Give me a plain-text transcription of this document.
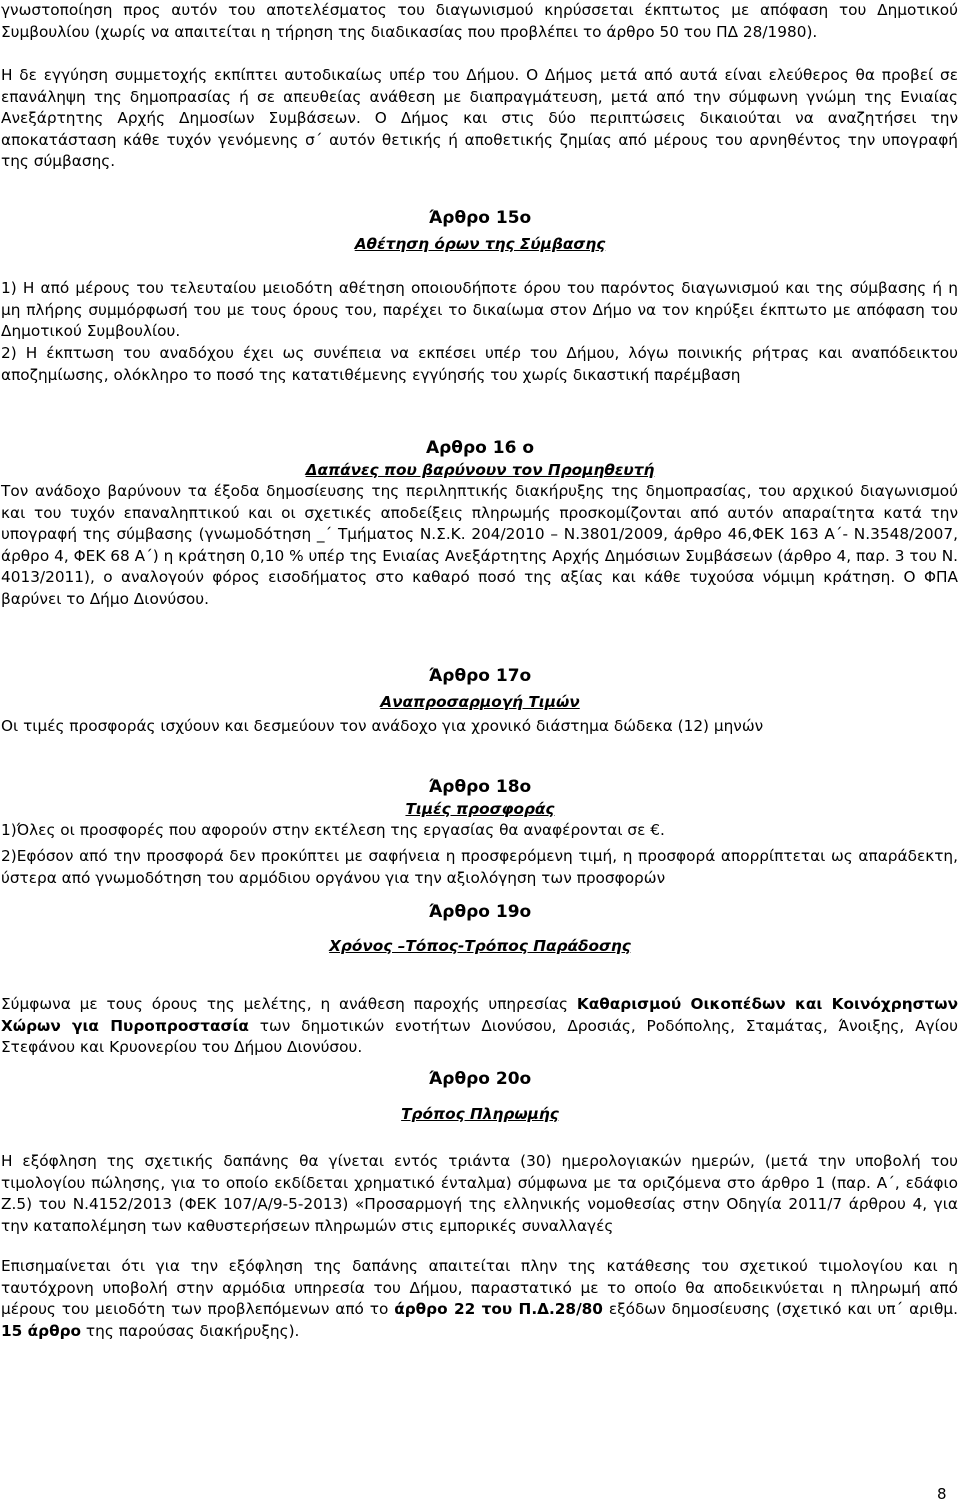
γνωστοποίηση προς αυτόν του αποτελέσματος του διαγωνισμού κηρύσσεται έκπτωτος με απόφαση του Δημοτικού Συμβουλίου (χωρίς να απαιτείται η τήρηση της διαδικασίας που προβλέπει το άρθρο 50 του ΠΔ 28/1980).

Η δε εγγύηση συμμετοχής εκπίπτει αυτοδικαίως υπέρ του Δήμου. Ο Δήμος μετά από αυτά είναι ελεύθερος θα προβεί σε επανάληψη της δημοπρασίας ή σε απευθείας ανάθεση με διαπραγμάτευση, μετά από την σύμφωνη γνώμη της Ενιαίας Ανεξάρτητης Αρχής Δημοσίων Συμβάσεων. Ο Δήμος και στις δύο περιπτώσεις δικαιούται να αναζητήσει την αποκατάσταση κάθε τυχόν γενόμενης σ΄ αυτόν θετικής ή αποθετικής ζημίας από μέρους του αρνηθέντος την υπογραφή της σύμβασης.

Άρθρο 15ο
Αθέτηση όρων της Σύμβασης

1) Η από μέρους του τελευταίου μειοδότη αθέτηση οποιουδήποτε όρου του παρόντος διαγωνισμού και της σύμβασης ή η μη πλήρης συμμόρφωσή του με τους όρους του, παρέχει το δικαίωμα στον Δήμο να τον κηρύξει έκπτωτο με απόφαση του Δημοτικού Συμβουλίου.

2) Η έκπτωση του αναδόχου έχει ως συνέπεια να εκπέσει υπέρ του Δήμου, λόγω ποινικής ρήτρας και αναπόδεικτου αποζημίωσης, ολόκληρο το ποσό της κατατιθέμενης εγγύησής του χωρίς δικαστική παρέμβαση

Αρθρο 16 ο
Δαπάνες που βαρύνουν τον Προμηθευτή

Τον ανάδοχο βαρύνουν τα έξοδα δημοσίευσης της περιληπτικής διακήρυξης της δημοπρασίας, του αρχικού διαγωνισμού και του τυχόν επαναληπτικού και οι σχετικές αποδείξεις πληρωμής προσκομίζονται από αυτόν απαραίτητα κατά την υπογραφή της σύμβασης (γνωμοδότηση _΄ Τμήματος Ν.Σ.Κ. 204/2010 – Ν.3801/2009, άρθρο 46,ΦΕΚ 163 Α΄- Ν.3548/2007, άρθρο 4, ΦΕΚ 68 Α΄) η κράτηση 0,10 % υπέρ της Ενιαίας Ανεξάρτητης Αρχής Δημόσιων Συμβάσεων (άρθρο 4, παρ. 3 του Ν. 4013/2011), ο αναλογούν φόρος εισοδήματος στο καθαρό ποσό της αξίας και κάθε τυχούσα νόμιμη κράτηση. Ο ΦΠΑ βαρύνει το Δήμο Διονύσου.

Άρθρο 17ο
Αναπροσαρμογή Τιμών

Οι τιμές προσφοράς ισχύουν και δεσμεύουν τον ανάδοχο για χρονικό διάστημα δώδεκα (12) μηνών

Άρθρο 18ο
Τιμές προσφοράς

1)Όλες οι προσφορές που αφορούν στην εκτέλεση της εργασίας θα αναφέρονται σε €.

2)Εφόσον από την προσφορά δεν προκύπτει με σαφήνεια η προσφερόμενη τιμή, η προσφορά απορρίπτεται ως απαράδεκτη, ύστερα από γνωμοδότηση του αρμόδιου οργάνου για την αξιολόγηση των προσφορών

Άρθρο 19ο
Χρόνος –Τόπος-Τρόπος Παράδοσης

Σύμφωνα με τους όρους της μελέτης, η ανάθεση παροχής υπηρεσίας Καθαρισμού Οικοπέδων και Κοινόχρηστων Χώρων για Πυροπροστασία των δημοτικών ενοτήτων Διονύσου, Δροσιάς, Ροδόπολης, Σταμάτας, Άνοιξης, Αγίου Στεφάνου και Κρυονερίου του Δήμου Διονύσου.

Άρθρο 20ο
Τρόπος Πληρωμής

Η εξόφληση της σχετικής δαπάνης θα γίνεται εντός τριάντα (30) ημερολογιακών ημερών, (μετά την υποβολή του τιμολογίου πώλησης, για το οποίο εκδίδεται χρηματικό ένταλμα) σύμφωνα με τα οριζόμενα στο άρθρο 1 (παρ. Α΄, εδάφιο Ζ.5) του Ν.4152/2013 (ΦΕΚ 107/Α/9-5-2013) «Προσαρμογή της ελληνικής νομοθεσίας στην Οδηγία 2011/7 άρθρου 4, για την καταπολέμηση των καθυστερήσεων πληρωμών στις εμπορικές συναλλαγές

Επισημαίνεται ότι για την εξόφληση της δαπάνης απαιτείται πλην της κατάθεσης του σχετικού τιμολογίου και η ταυτόχρονη υποβολή στην αρμόδια υπηρεσία του Δήμου, παραστατικό με το οποίο θα αποδεικνύεται η πληρωμή από μέρους του μειοδότη των προβλεπόμενων από το άρθρο 22 του Π.Δ.28/80 εξόδων δημοσίευσης (σχετικό και υπ΄ αριθμ. 15 άρθρο της παρούσας διακήρυξης).

8
